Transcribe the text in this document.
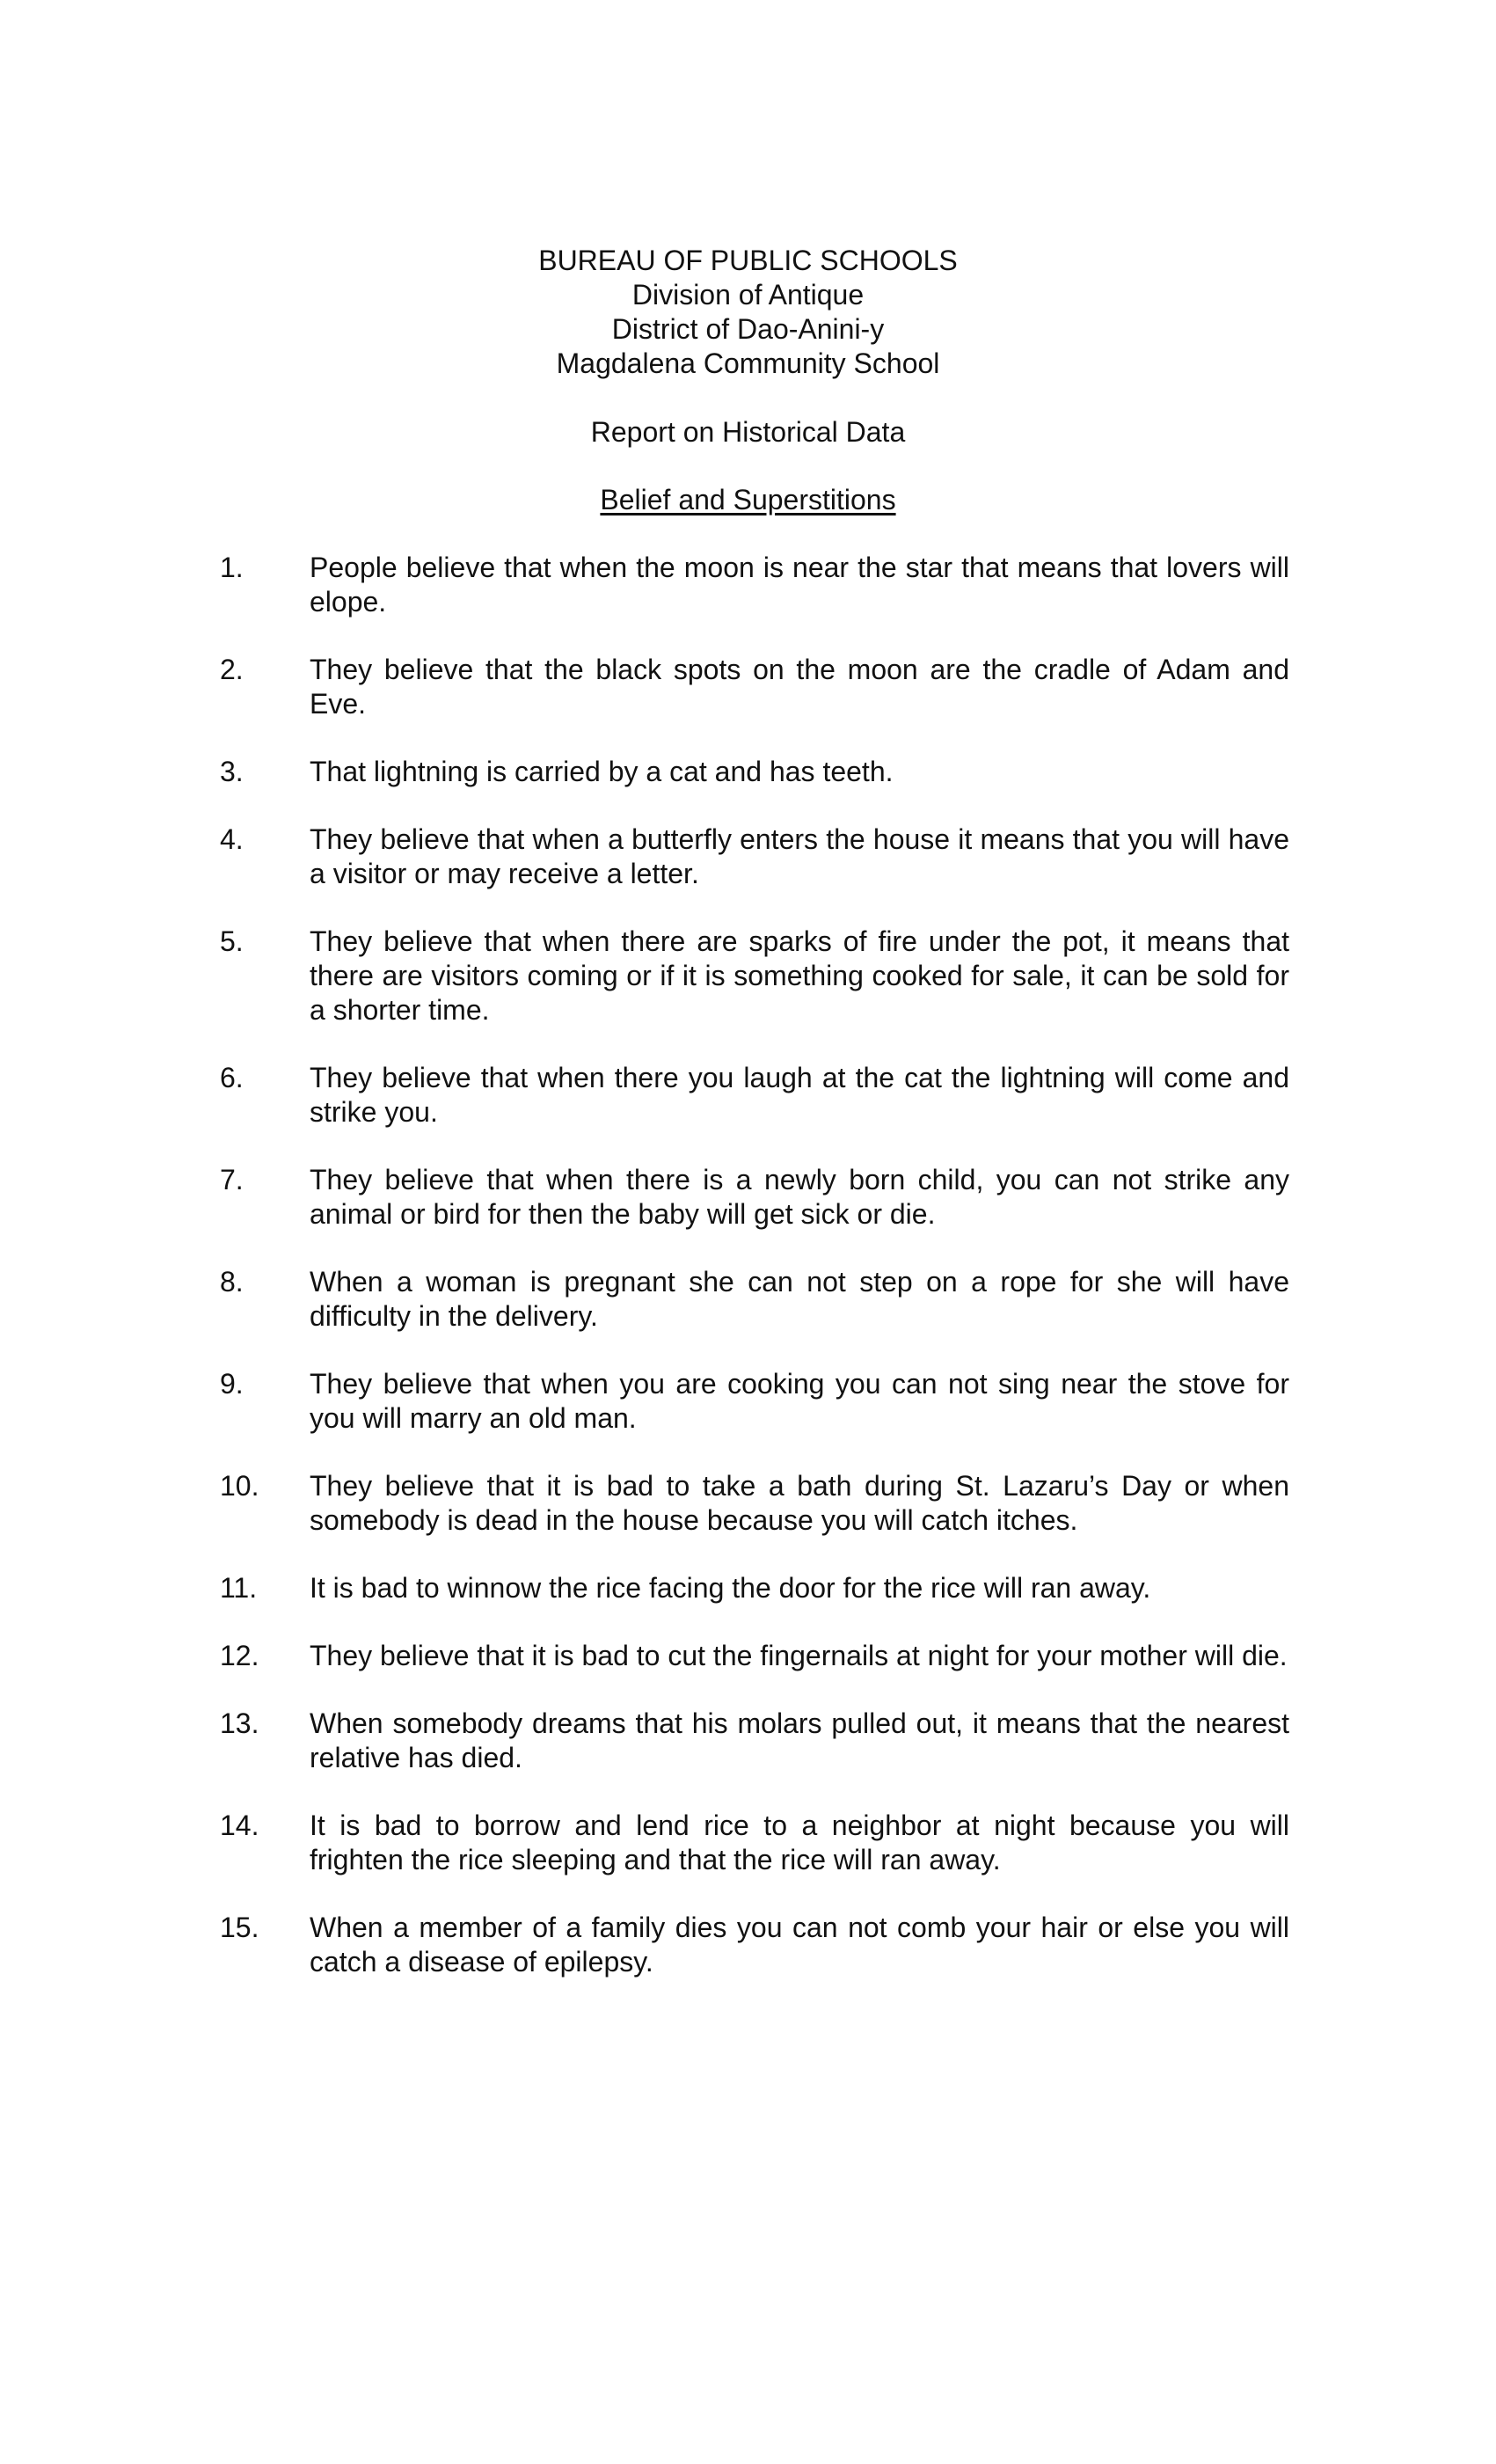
BUREAU OF PUBLIC SCHOOLS
Division of Antique
District of Dao-Anini-y
Magdalena Community School
Report on Historical Data
Belief and Superstitions
1.	People believe that when the moon is near the star that means that lovers will elope.
2.	They believe that the black spots on the moon are the cradle of Adam and Eve.
3.	That lightning is carried by a cat and has teeth.
4.	They believe that when a butterfly enters the house it means that you will have a visitor or may receive a letter.
5.	They believe that when there are sparks of fire under the pot, it means that there are visitors coming or if it is something cooked for sale, it can be sold for a shorter time.
6.	They believe that when there you laugh at the cat the lightning will come and strike you.
7.	They believe that when there is a newly born child, you can not strike any animal or bird for then the baby will get sick or die.
8.	When a woman is pregnant she can not step on a rope for she will have difficulty in the delivery.
9.	They believe that when you are cooking you can not sing near the stove for you will marry an old man.
10.	They believe that it is bad to take a bath during St. Lazaru’s Day or when somebody is dead in the house because you will catch itches.
11.	It is bad to winnow the rice facing the door for the rice will ran away.
12.	They believe that it is bad to cut the fingernails at night for your mother will die.
13.	When somebody dreams that his molars pulled out, it means that the nearest relative has died.
14.	It is bad to borrow and lend rice to a neighbor at night because you will frighten the rice sleeping and that the rice will ran away.
15.	When a member of a family dies you can not comb your hair or else you will catch a disease of epilepsy.
